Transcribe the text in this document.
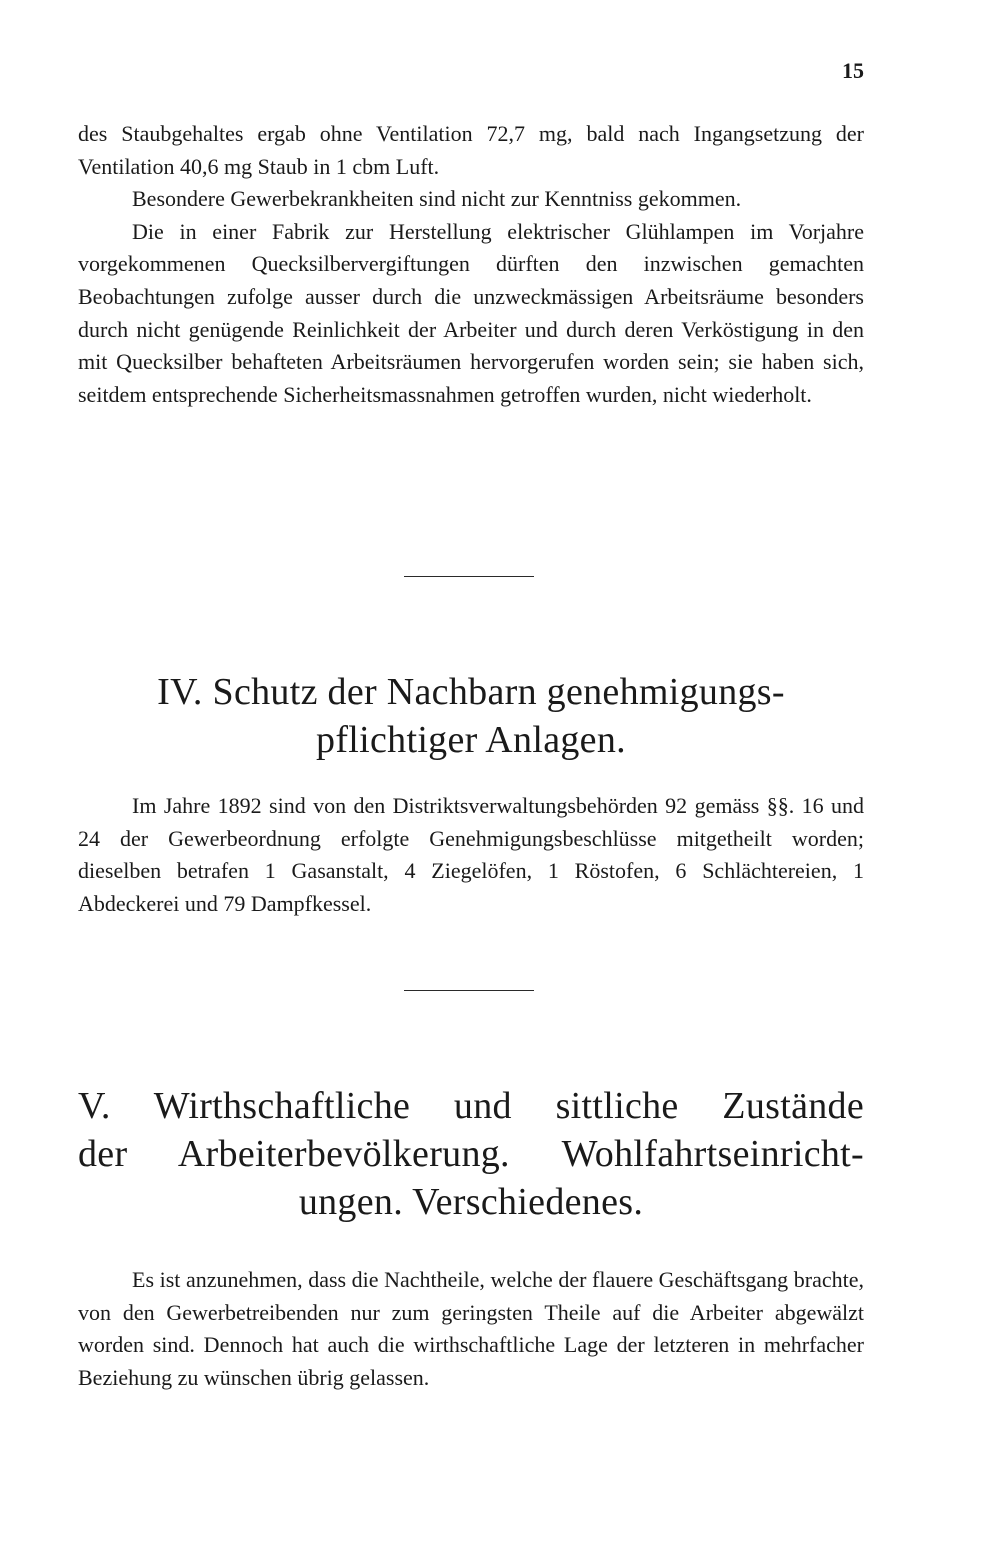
15

des Staubgehaltes ergab ohne Ventilation 72,7 mg, bald nach Ingangsetzung der Ventilation 40,6 mg Staub in 1 cbm Luft.

Besondere Gewerbekrankheiten sind nicht zur Kenntniss gekommen.

Die in einer Fabrik zur Herstellung elektrischer Glühlampen im Vorjahre vorgekommenen Quecksilbervergiftungen dürften den inzwischen gemachten Beobachtungen zufolge ausser durch die unzweckmässigen Arbeitsräume besonders durch nicht genügende Reinlichkeit der Arbeiter und durch deren Verköstigung in den mit Quecksilber behafteten Arbeitsräumen hervorgerufen worden sein; sie haben sich, seitdem entsprechende Sicherheitsmassnahmen getroffen wurden, nicht wiederholt.

IV. Schutz der Nachbarn genehmigungs-
pflichtiger Anlagen.

Im Jahre 1892 sind von den Distriktsverwaltungsbehörden 92 gemäss §§. 16 und 24 der Gewerbeordnung erfolgte Genehmigungsbeschlüsse mitgetheilt worden; dieselben betrafen 1 Gasanstalt, 4 Ziegelöfen, 1 Röstofen, 6 Schlächtereien, 1 Abdeckerei und 79 Dampfkessel.

V. Wirthschaftliche und sittliche Zustände
der Arbeiterbevölkerung. Wohlfahrtseinricht-
ungen. Verschiedenes.

Es ist anzunehmen, dass die Nachtheile, welche der flauere Geschäftsgang brachte, von den Gewerbetreibenden nur zum geringsten Theile auf die Arbeiter abgewälzt worden sind. Dennoch hat auch die wirthschaftliche Lage der letzteren in mehrfacher Beziehung zu wünschen übrig gelassen.
